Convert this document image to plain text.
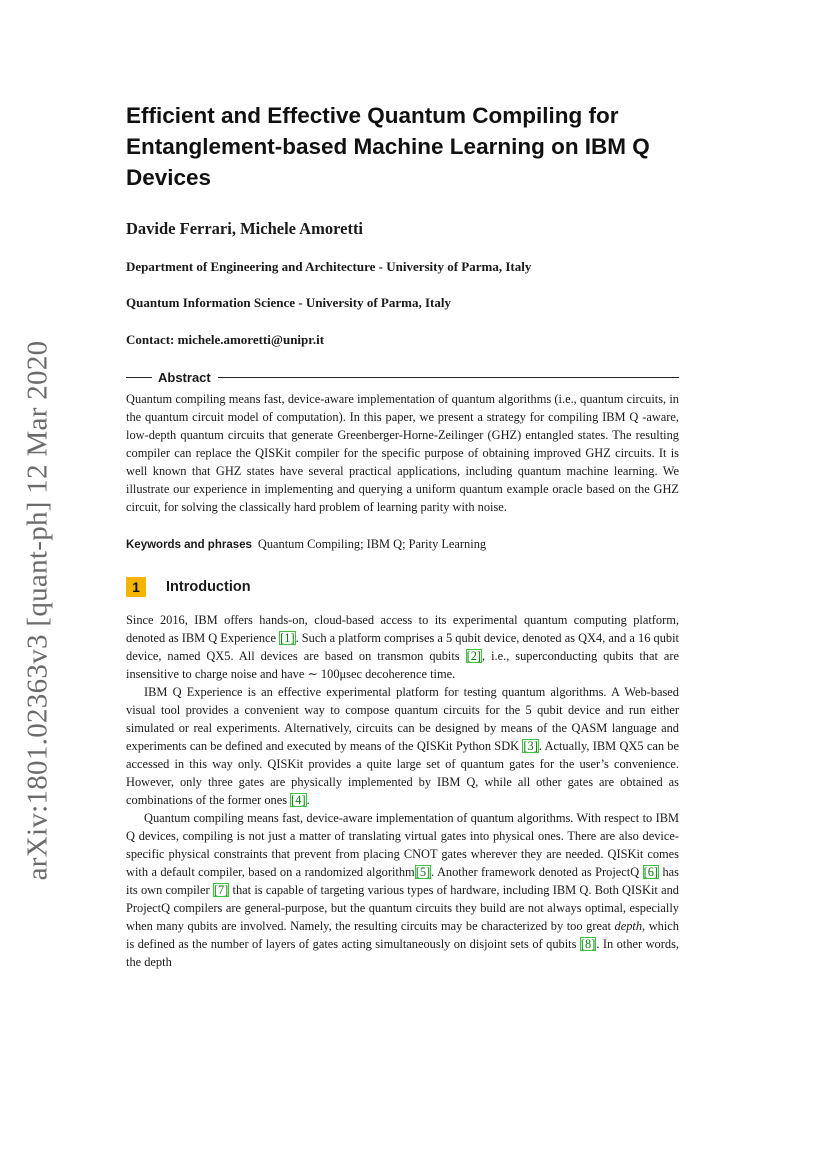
arXiv:1801.02363v3 [quant-ph] 12 Mar 2020
Efficient and Effective Quantum Compiling for Entanglement-based Machine Learning on IBM Q Devices
Davide Ferrari, Michele Amoretti
Department of Engineering and Architecture - University of Parma, Italy
Quantum Information Science - University of Parma, Italy
Contact: michele.amoretti@unipr.it
Abstract
Quantum compiling means fast, device-aware implementation of quantum algorithms (i.e., quantum circuits, in the quantum circuit model of computation). In this paper, we present a strategy for compiling IBM Q -aware, low-depth quantum circuits that generate Greenberger-Horne-Zeilinger (GHZ) entangled states. The resulting compiler can replace the QISKit compiler for the specific purpose of obtaining improved GHZ circuits. It is well known that GHZ states have several practical applications, including quantum machine learning. We illustrate our experience in implementing and querying a uniform quantum example oracle based on the GHZ circuit, for solving the classically hard problem of learning parity with noise.
Keywords and phrases Quantum Compiling; IBM Q; Parity Learning
1	Introduction

Since 2016, IBM offers hands-on, cloud-based access to its experimental quantum computing platform, denoted as IBM Q Experience [1]. Such a platform comprises a 5 qubit device, denoted as QX4, and a 16 qubit device, named QX5. All devices are based on transmon qubits [2], i.e., superconducting qubits that are insensitive to charge noise and have ∼ 100μsec decoherence time.

IBM Q Experience is an effective experimental platform for testing quantum algorithms. A Web-based visual tool provides a convenient way to compose quantum circuits for the 5 qubit device and run either simulated or real experiments. Alternatively, circuits can be designed by means of the QASM language and experiments can be defined and executed by means of the QISKit Python SDK [3]. Actually, IBM QX5 can be accessed in this way only. QISKit provides a quite large set of quantum gates for the user’s convenience. However, only three gates are physically implemented by IBM Q, while all other gates are obtained as combinations of the former ones [4].

Quantum compiling means fast, device-aware implementation of quantum algorithms. With respect to IBM Q devices, compiling is not just a matter of translating virtual gates into physical ones. There are also device-specific physical constraints that prevent from placing CNOT gates wherever they are needed. QISKit comes with a default compiler, based on a randomized algorithm[5]. Another framework denoted as ProjectQ [6] has its own compiler [7] that is capable of targeting various types of hardware, including IBM Q. Both QISKit and ProjectQ compilers are general-purpose, but the quantum circuits they build are not always optimal, especially when many qubits are involved. Namely, the resulting circuits may be characterized by too great depth, which is defined as the number of layers of gates acting simultaneously on disjoint sets of qubits [8]. In other words, the depth
